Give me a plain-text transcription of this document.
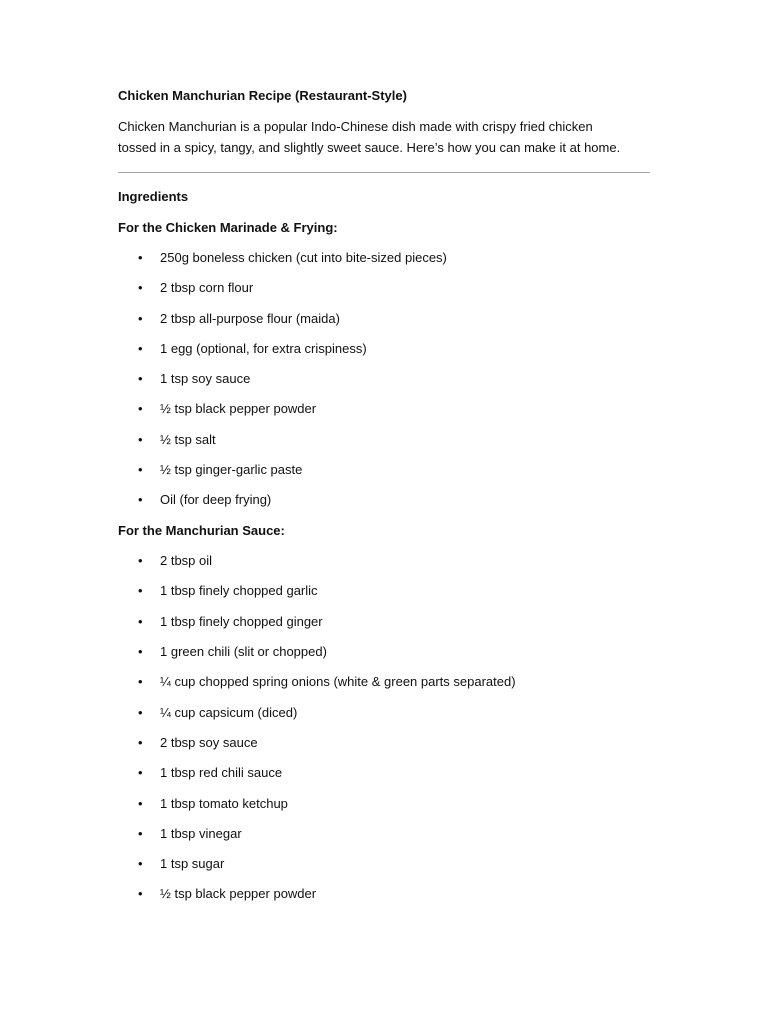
Chicken Manchurian Recipe (Restaurant-Style)
Chicken Manchurian is a popular Indo-Chinese dish made with crispy fried chicken
tossed in a spicy, tangy, and slightly sweet sauce. Here’s how you can make it at home.
Ingredients
For the Chicken Marinade & Frying:
• 250g boneless chicken (cut into bite-sized pieces)
• 2 tbsp corn flour
• 2 tbsp all-purpose flour (maida)
• 1 egg (optional, for extra crispiness)
• 1 tsp soy sauce
• ½ tsp black pepper powder
• ½ tsp salt
• ½ tsp ginger-garlic paste
• Oil (for deep frying)
For the Manchurian Sauce:
• 2 tbsp oil
• 1 tbsp finely chopped garlic
• 1 tbsp finely chopped ginger
• 1 green chili (slit or chopped)
• ¼ cup chopped spring onions (white & green parts separated)
• ¼ cup capsicum (diced)
• 2 tbsp soy sauce
• 1 tbsp red chili sauce
• 1 tbsp tomato ketchup
• 1 tbsp vinegar
• 1 tsp sugar
• ½ tsp black pepper powder
